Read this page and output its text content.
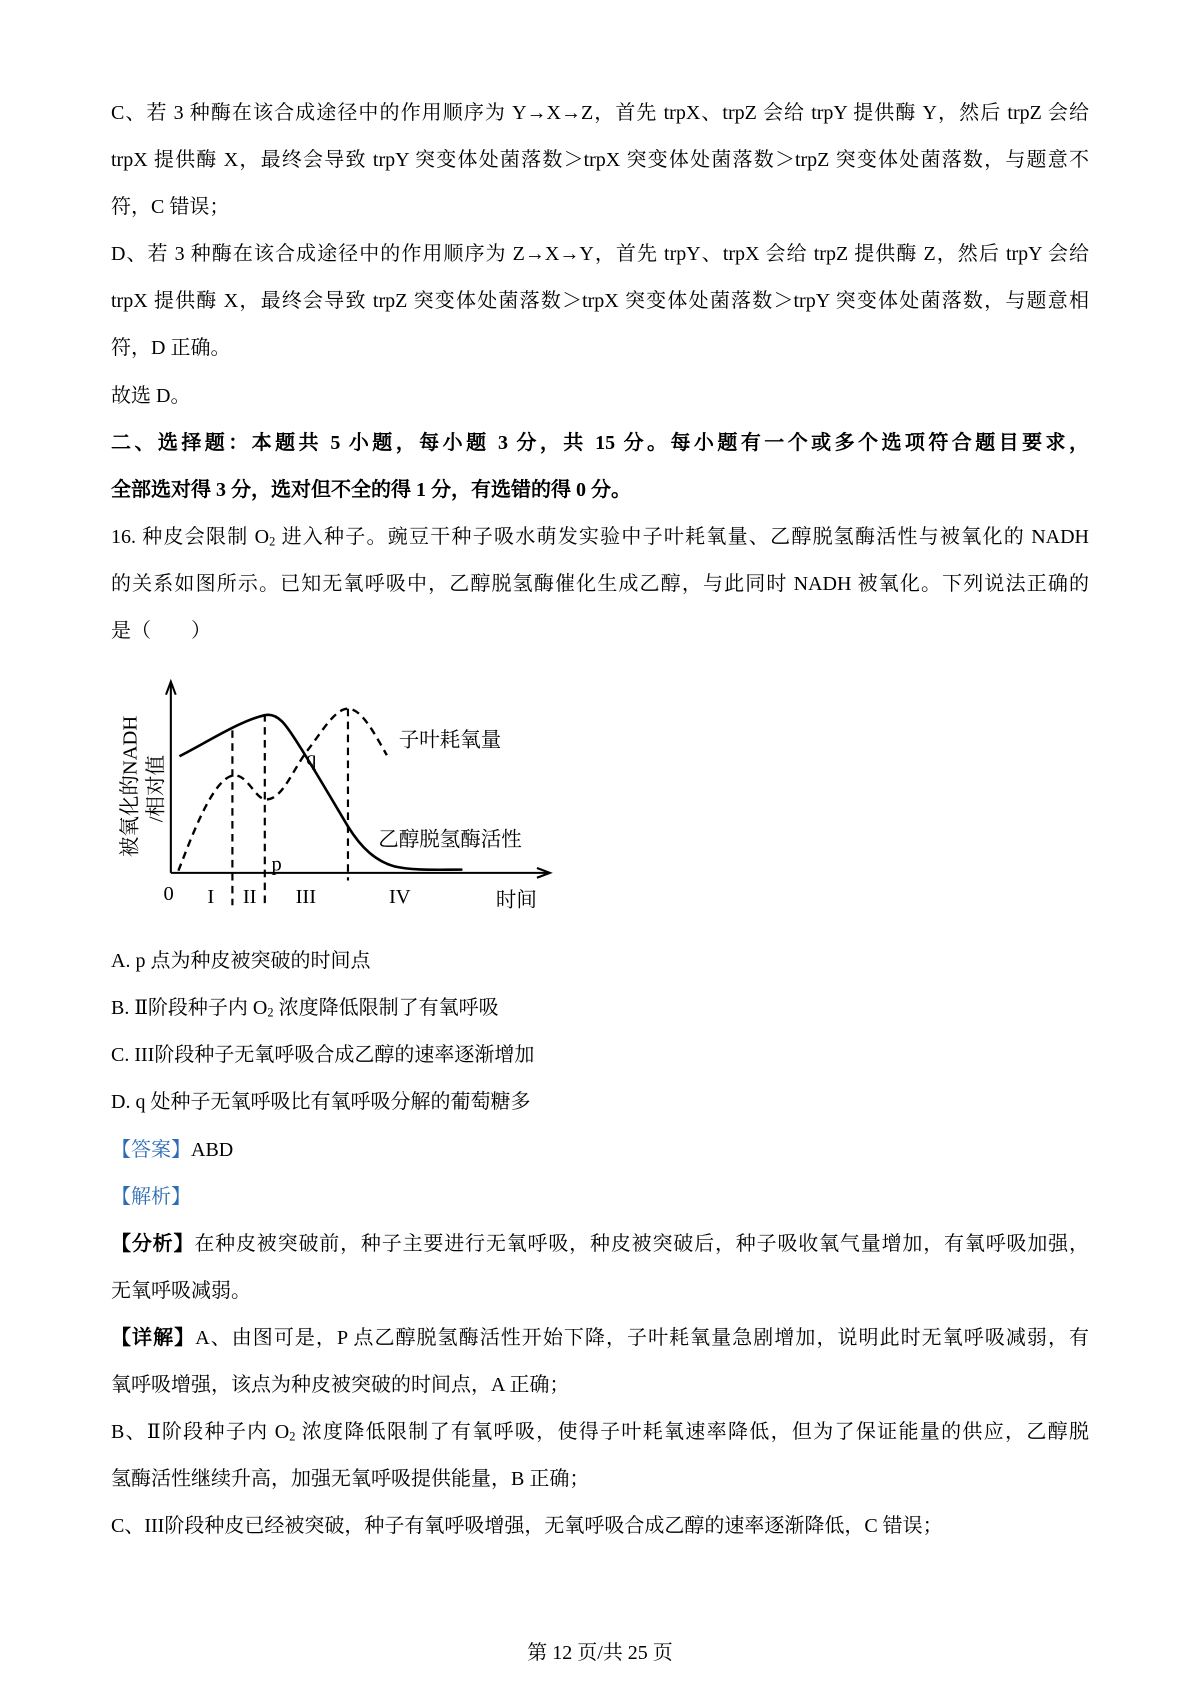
C、若 3 种酶在该合成途径中的作用顺序为 Y→X→Z，首先 trpX、trpZ 会给 trpY 提供酶 Y，然后 trpZ 会给
trpX 提供酶 X，最终会导致 trpY 突变体处菌落数＞trpX 突变体处菌落数＞trpZ 突变体处菌落数，与题意不
符，C 错误；
D、若 3 种酶在该合成途径中的作用顺序为 Z→X→Y，首先 trpY、trpX 会给 trpZ 提供酶 Z，然后 trpY 会给
trpX 提供酶 X，最终会导致 trpZ 突变体处菌落数＞trpX 突变体处菌落数＞trpY 突变体处菌落数，与题意相
符，D 正确。
故选 D。
二、选择题：本题共 5 小题，每小题 3 分，共 15 分。每小题有一个或多个选项符合题目要求，
全部选对得 3 分，选对但不全的得 1 分，有选错的得 0 分。
16. 种皮会限制 $O_2$ 进入种子。豌豆干种子吸水萌发实验中子叶耗氧量、乙醇脱氢酶活性与被氧化的 NADH
的关系如图所示。已知无氧呼吸中，乙醇脱氢酶催化生成乙醇，与此同时 NADH 被氧化。下列说法正确的
是（　　）
被氧化的NADH /相对值
0 I II III	IV	时间
p
q
子叶耗氧量
乙醇脱氢酶活性
A. p 点为种皮被突破的时间点
B. Ⅱ阶段种子内 $O_2$ 浓度降低限制了有氧呼吸
C. III阶段种子无氧呼吸合成乙醇的速率逐渐增加
D. q 处种子无氧呼吸比有氧呼吸分解的葡萄糖多
【答案】ABD
【解析】
【分析】在种皮被突破前，种子主要进行无氧呼吸，种皮被突破后，种子吸收氧气量增加，有氧呼吸加强，
无氧呼吸减弱。
【详解】A、由图可是，P 点乙醇脱氢酶活性开始下降，子叶耗氧量急剧增加，说明此时无氧呼吸减弱，有
氧呼吸增强，该点为种皮被突破的时间点，A 正确；
B、Ⅱ阶段种子内 $O_2$ 浓度降低限制了有氧呼吸，使得子叶耗氧速率降低，但为了保证能量的供应，乙醇脱
氢酶活性继续升高，加强无氧呼吸提供能量，B 正确；
C、III阶段种皮已经被突破，种子有氧呼吸增强，无氧呼吸合成乙醇的速率逐渐降低，C 错误；
第 12 页/共 25 页
